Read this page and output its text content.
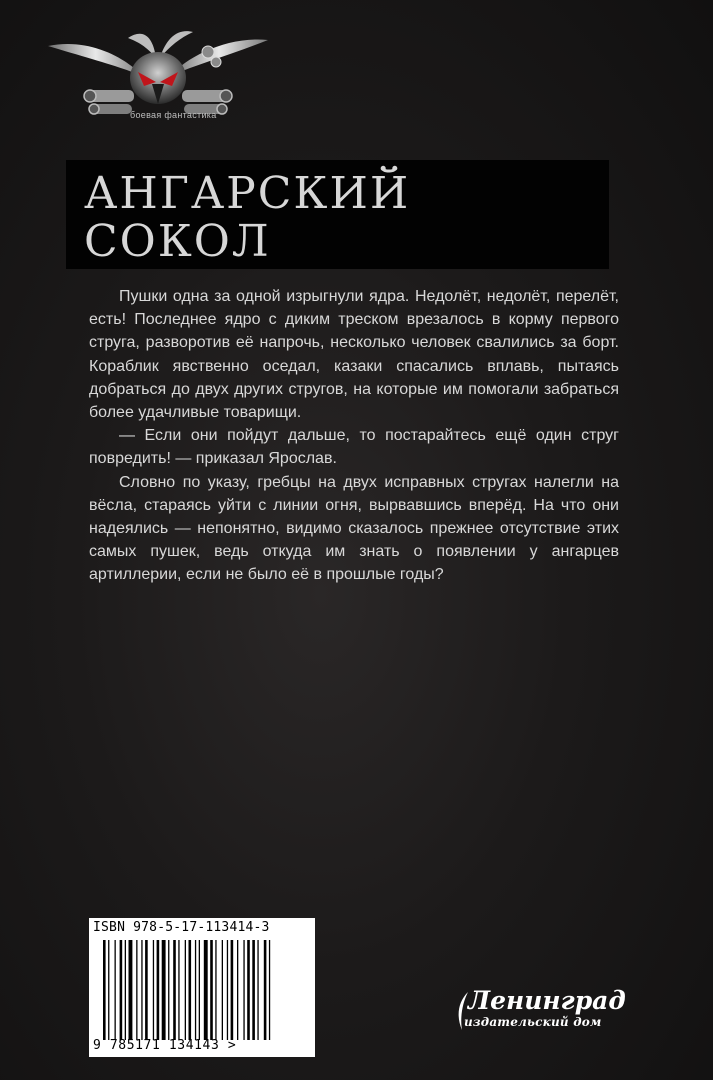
боевая фантастика
АНГАРСКИЙ
СОКОЛ

Пушки одна за одной изрыгнули ядра. Недолёт, недолёт, перелёт, есть! Последнее ядро с диким треском врезалось в корму первого струга, разворотив её напрочь, несколько человек свалились за борт. Кораблик явственно оседал, казаки спасались вплавь, пытаясь добраться до двух других стругов, на которые им помогали забраться более удачливые товарищи.

— Если они пойдут дальше, то постарайтесь ещё один струг повредить! — приказал Ярослав.

Словно по указу, гребцы на двух исправных стругах налегли на вёсла, стараясь уйти с линии огня, вырвавшись вперёд. На что они надеялись — непонятно, видимо сказалось прежнее отсутствие этих самых пушек, ведь откуда им знать о появлении у ангарцев артиллерии, если не было её в прошлые годы?

ISBN 978-5-17-113414-3
9 785171 134143 >
Ленинград
издательский дом
